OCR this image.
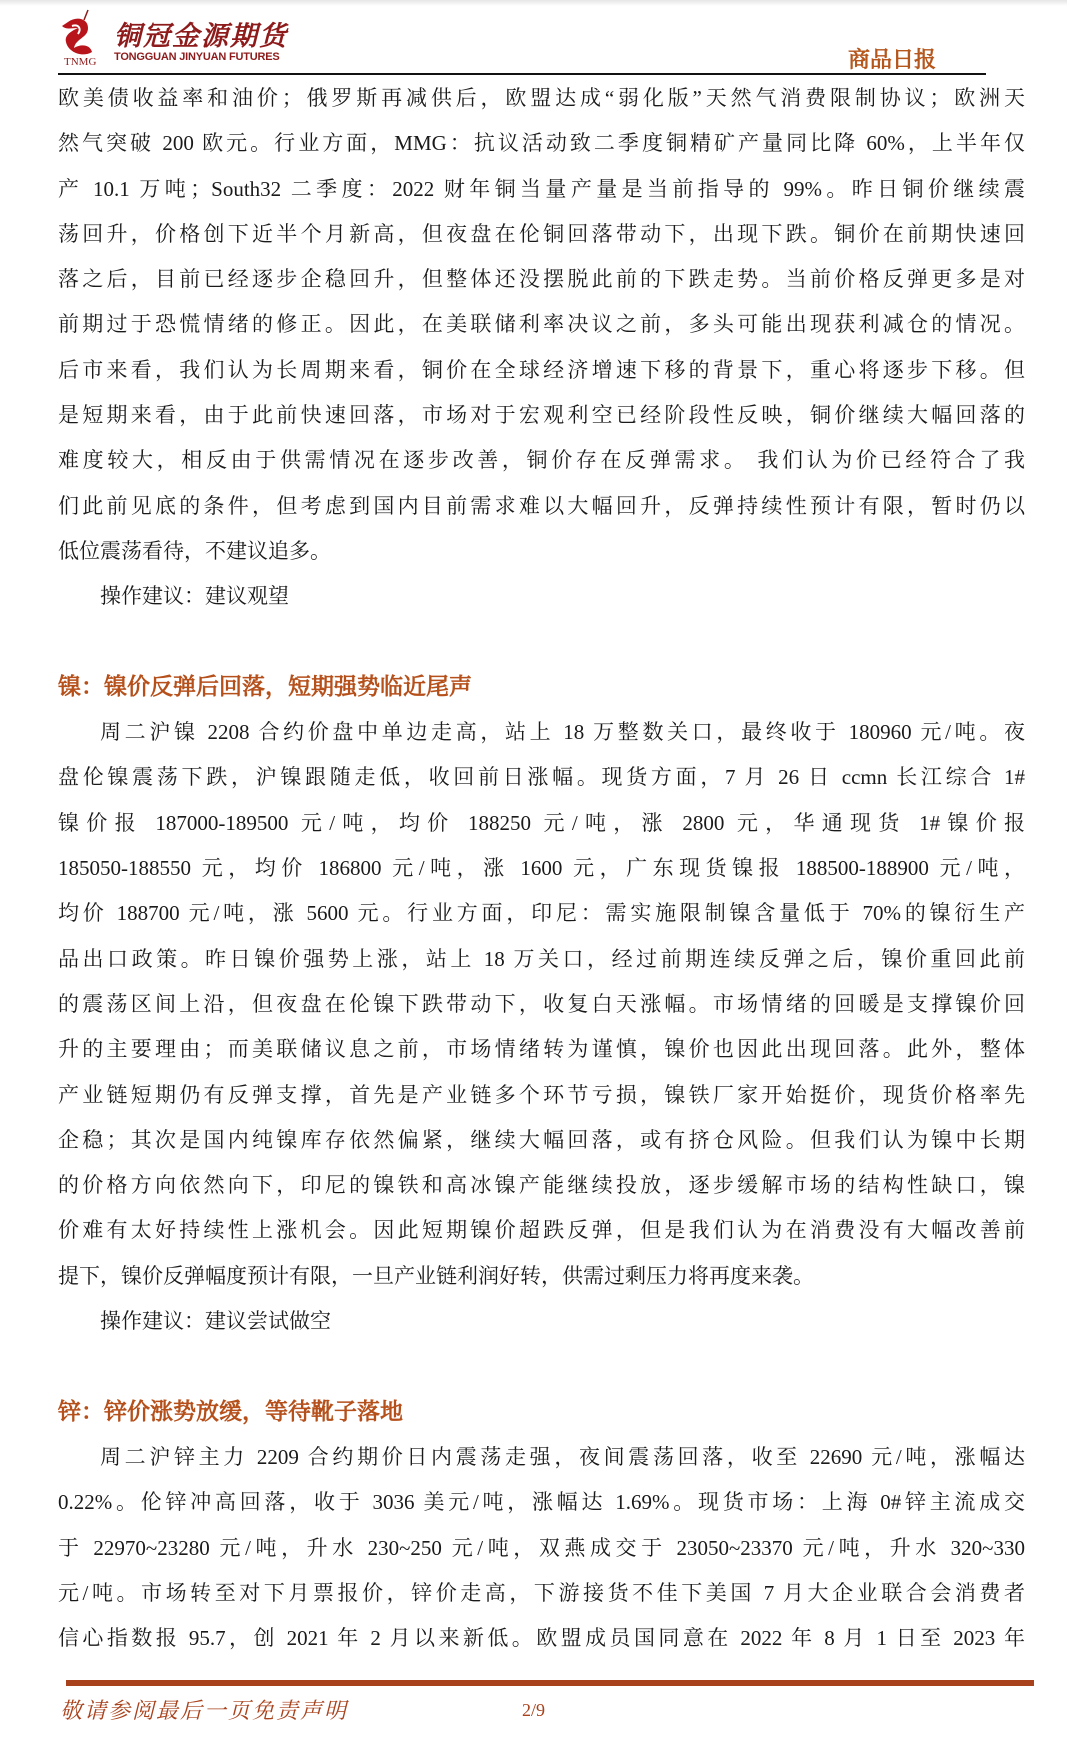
TNMG
铜冠金源期货
TONGGUAN JINYUAN FUTURES	商品日报
欧美债收益率和油价；俄罗斯再减供后，欧盟达成“弱化版”天然气消费限制协议；欧洲天
然气突破 200 欧元。行业方面，MMG：抗议活动致二季度铜精矿产量同比降 60%，上半年仅
产 10.1 万吨；South32 二季度：2022 财年铜当量产量是当前指导的 99%。昨日铜价继续震
荡回升，价格创下近半个月新高，但夜盘在伦铜回落带动下，出现下跌。铜价在前期快速回
落之后，目前已经逐步企稳回升，但整体还没摆脱此前的下跌走势。当前价格反弹更多是对
前期过于恐慌情绪的修正。因此，在美联储利率决议之前，多头可能出现获利减仓的情况。
后市来看，我们认为长周期来看，铜价在全球经济增速下移的背景下，重心将逐步下移。但
是短期来看，由于此前快速回落，市场对于宏观利空已经阶段性反映，铜价继续大幅回落的
难度较大，相反由于供需情况在逐步改善，铜价存在反弹需求。 我们认为价已经符合了我
们此前见底的条件，但考虑到国内目前需求难以大幅回升，反弹持续性预计有限，暂时仍以
低位震荡看待，不建议追多。
操作建议：建议观望
镍：镍价反弹后回落，短期强势临近尾声
周二沪镍 2208 合约价盘中单边走高，站上 18 万整数关口，最终收于 180960 元/吨。夜
盘伦镍震荡下跌，沪镍跟随走低，收回前日涨幅。现货方面，7 月 26 日 ccmn 长江综合 1#
镍价报 187000-189500 元/吨，均价 188250 元/吨，涨 2800 元，华通现货 1#镍价报
185050-188550 元，均价 186800 元/吨，涨 1600 元，广东现货镍报 188500-188900 元/吨，
均价 188700 元/吨，涨 5600 元。行业方面，印尼：需实施限制镍含量低于 70%的镍衍生产
品出口政策。昨日镍价强势上涨，站上 18 万关口，经过前期连续反弹之后，镍价重回此前
的震荡区间上沿，但夜盘在伦镍下跌带动下，收复白天涨幅。市场情绪的回暖是支撑镍价回
升的主要理由；而美联储议息之前，市场情绪转为谨慎，镍价也因此出现回落。此外，整体
产业链短期仍有反弹支撑，首先是产业链多个环节亏损，镍铁厂家开始挺价，现货价格率先
企稳；其次是国内纯镍库存依然偏紧，继续大幅回落，或有挤仓风险。但我们认为镍中长期
的价格方向依然向下，印尼的镍铁和高冰镍产能继续投放，逐步缓解市场的结构性缺口，镍
价难有太好持续性上涨机会。因此短期镍价超跌反弹，但是我们认为在消费没有大幅改善前
提下，镍价反弹幅度预计有限，一旦产业链利润好转，供需过剩压力将再度来袭。
操作建议：建议尝试做空
锌：锌价涨势放缓，等待靴子落地
周二沪锌主力 2209 合约期价日内震荡走强，夜间震荡回落，收至 22690 元/吨，涨幅达
0.22%。伦锌冲高回落，收于 3036 美元/吨，涨幅达 1.69%。现货市场：上海 0#锌主流成交
于 22970~23280 元/吨，升水 230~250 元/吨，双燕成交于 23050~23370 元/吨，升水 320~330
元/吨。市场转至对下月票报价，锌价走高，下游接货不佳下美国 7 月大企业联合会消费者
信心指数报 95.7，创 2021 年 2 月以来新低。欧盟成员国同意在 2022 年 8 月 1 日至 2023 年
敬请参阅最后一页免责声明	2/9
